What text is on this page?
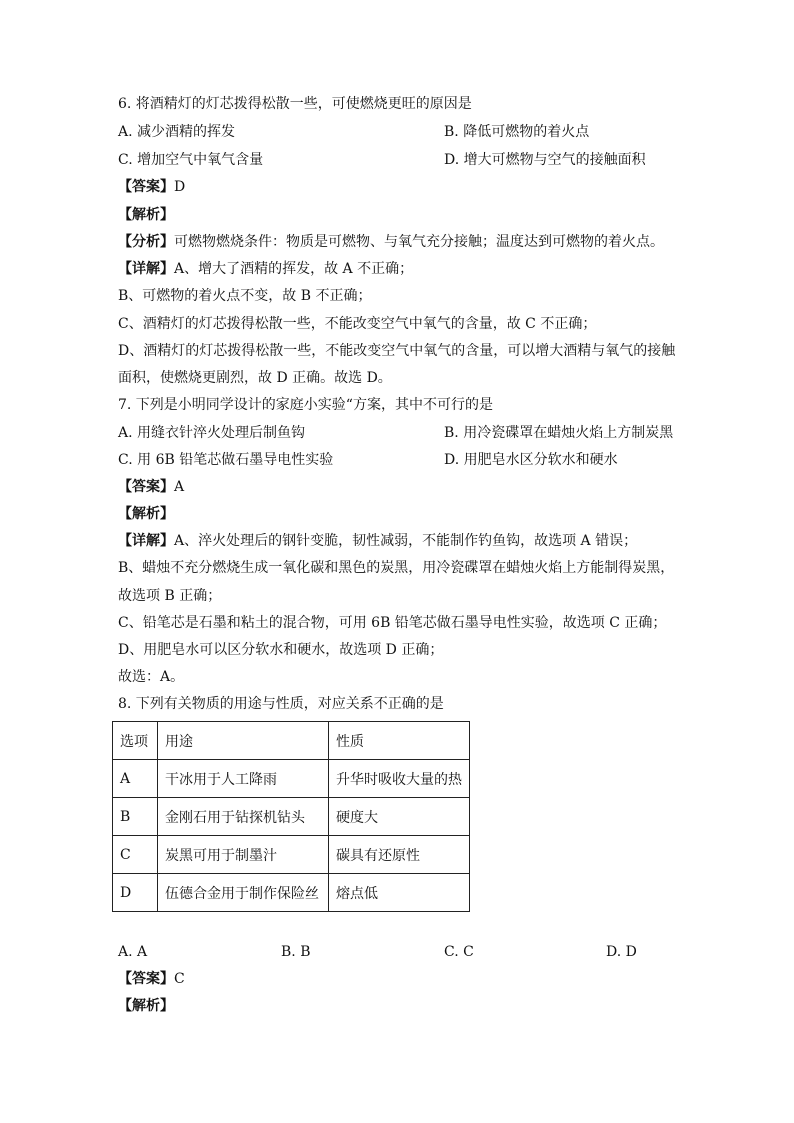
6. 将酒精灯的灯芯拨得松散一些，可使燃烧更旺的原因是
A. 减少酒精的挥发	B. 降低可燃物的着火点
C. 增加空气中氧气含量	D. 增大可燃物与空气的接触面积
【答案】D
【解析】
【分析】可燃物燃烧条件：物质是可燃物、与氧气充分接触；温度达到可燃物的着火点。
【详解】A、增大了酒精的挥发，故 A 不正确；
B、可燃物的着火点不变，故 B 不正确；
C、酒精灯的灯芯拨得松散一些，不能改变空气中氧气的含量，故 C 不正确；
D、酒精灯的灯芯拨得松散一些，不能改变空气中氧气的含量，可以增大酒精与氧气的接触
面积，使燃烧更剧烈，故 D 正确。故选 D。
7. 下列是小明同学设计的家庭小实验“方案，其中不可行的是
A. 用缝衣针淬火处理后制鱼钩	B. 用冷瓷碟罩在蜡烛火焰上方制炭黑
C. 用 6B 铅笔芯做石墨导电性实验	D. 用肥皂水区分软水和硬水
【答案】A
【解析】
【详解】A、淬火处理后的钢针变脆，韧性减弱，不能制作钓鱼钩，故选项 A 错误；
B、蜡烛不充分燃烧生成一氧化碳和黑色的炭黑，用冷瓷碟罩在蜡烛火焰上方能制得炭黑，
故选项 B 正确；
C、铅笔芯是石墨和粘土的混合物，可用 6B 铅笔芯做石墨导电性实验，故选项 C 正确；
D、用肥皂水可以区分软水和硬水，故选项 D 正确；
故选：A。
8. 下列有关物质的用途与性质，对应关系不正确的是
选项	用途	性质
A	干冰用于人工降雨	升华时吸收大量的热
B	金刚石用于钻探机钻头	硬度大
C	炭黑可用于制墨汁	碳具有还原性
D	伍德合金用于制作保险丝	熔点低
A. A	B. B	C. C	D. D
【答案】C
【解析】
